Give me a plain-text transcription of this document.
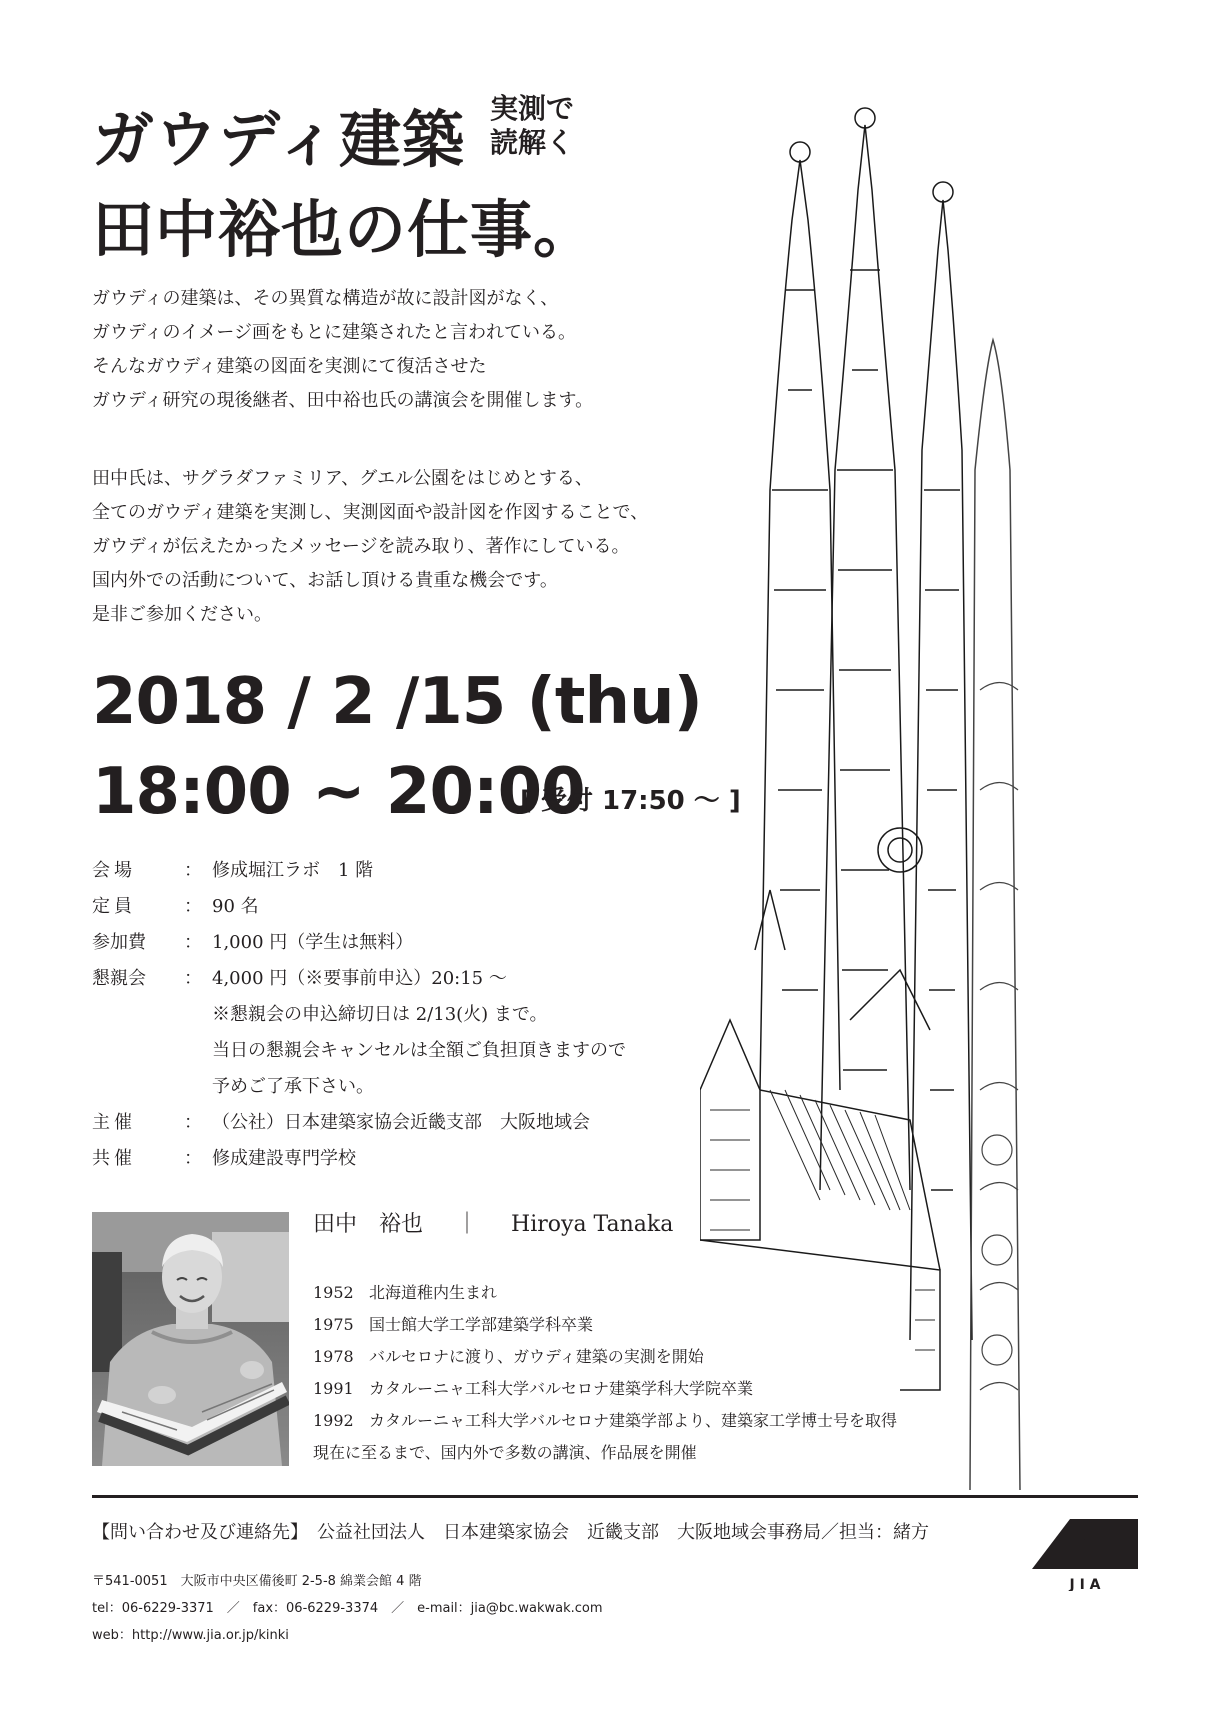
ガウディ建築 実測で
読解く
田中裕也の仕事。
ガウディの建築は、その異質な構造が故に設計図がなく、
ガウディのイメージ画をもとに建築されたと言われている。
そんなガウディ建築の図面を実測にて復活させた
ガウディ研究の現後継者、田中裕也氏の講演会を開催します。
田中氏は、サグラダファミリア、グエル公園をはじめとする、
全てのガウディ建築を実測し、実測図面や設計図を作図することで、
ガウディが伝えたかったメッセージを読み取り、著作にしている。
国内外での活動について、お話し頂ける貴重な機会です。
是非ご参加ください。
2018 / 2 /15 (thu)
18:00 ~ 20:00
[ 受付 17:50 〜 ]
会場	： 修成堀江ラボ　1 階
定員	： 90 名
参加費	： 1,000 円（学生は無料）
懇親会	： 4,000 円（※要事前申込）20:15 〜
※懇親会の申込締切日は 2/13(火) まで。
当日の懇親会キャンセルは全額ご負担頂きますので
予めご了承下さい。
主催	： （公社）日本建築家協会近畿支部　大阪地域会
共催	： 修成建設専門学校
田中　裕也 ｜ Hiroya Tanaka
1952 北海道稚内生まれ
1975 国士館大学工学部建築学科卒業
1978 バルセロナに渡り、ガウディ建築の実測を開始
1991 カタルーニャ工科大学バルセロナ建築学科大学院卒業
1992 カタルーニャ工科大学バルセロナ建築学部より、建築家工学博士号を取得
現在に至るまで、国内外で多数の講演、作品展を開催
【問い合わせ及び連絡先】　公益社団法人　日本建築家協会　近畿支部　大阪地域会事務局／担当：緒方
〒541-0051　大阪市中央区備後町 2-5-8 綿業会館 4 階
tel：06-6229-3371　／　fax：06-6229-3374　／　e-mail：jia@bc.wakwak.com
web：http://www.jia.or.jp/kinki
J I A
